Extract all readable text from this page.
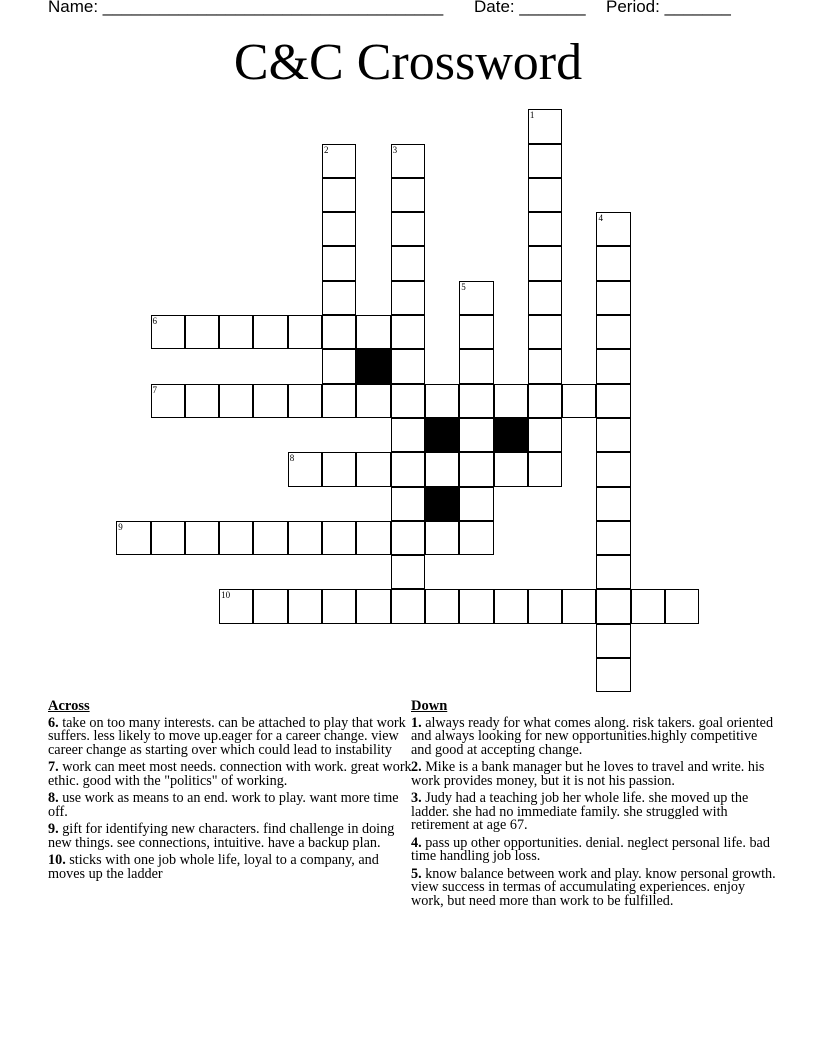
Name: ____________________________________ Date: _______ Period: _______
C&C Crossword
1
2	3
4
5
6
7
8
9
10
Across
6. take on too many interests. can be attached to play that work suffers. less likely to move up.eager for a career change. view career change as starting over which could lead to instability
7. work can meet most needs. connection with work. great work ethic. good with the "politics" of working.
8. use work as means to an end. work to play. want more time off.
9. gift for identifying new characters. find challenge in doing new things. see connections, intuitive. have a backup plan.
10. sticks with one job whole life, loyal to a company, and moves up the ladder
Down
1. always ready for what comes along. risk takers. goal oriented and always looking for new opportunities.highly competitive and good at accepting change.
2. Mike is a bank manager but he loves to travel and write. his work provides money, but it is not his passion.
3. Judy had a teaching job her whole life. she moved up the ladder. she had no immediate family. she struggled with retirement at age 67.
4. pass up other opportunities. denial. neglect personal life. bad time handling job loss.
5. know balance between work and play. know personal growth. view success in termas of accumulating experiences. enjoy work, but need more than work to be fulfilled.
